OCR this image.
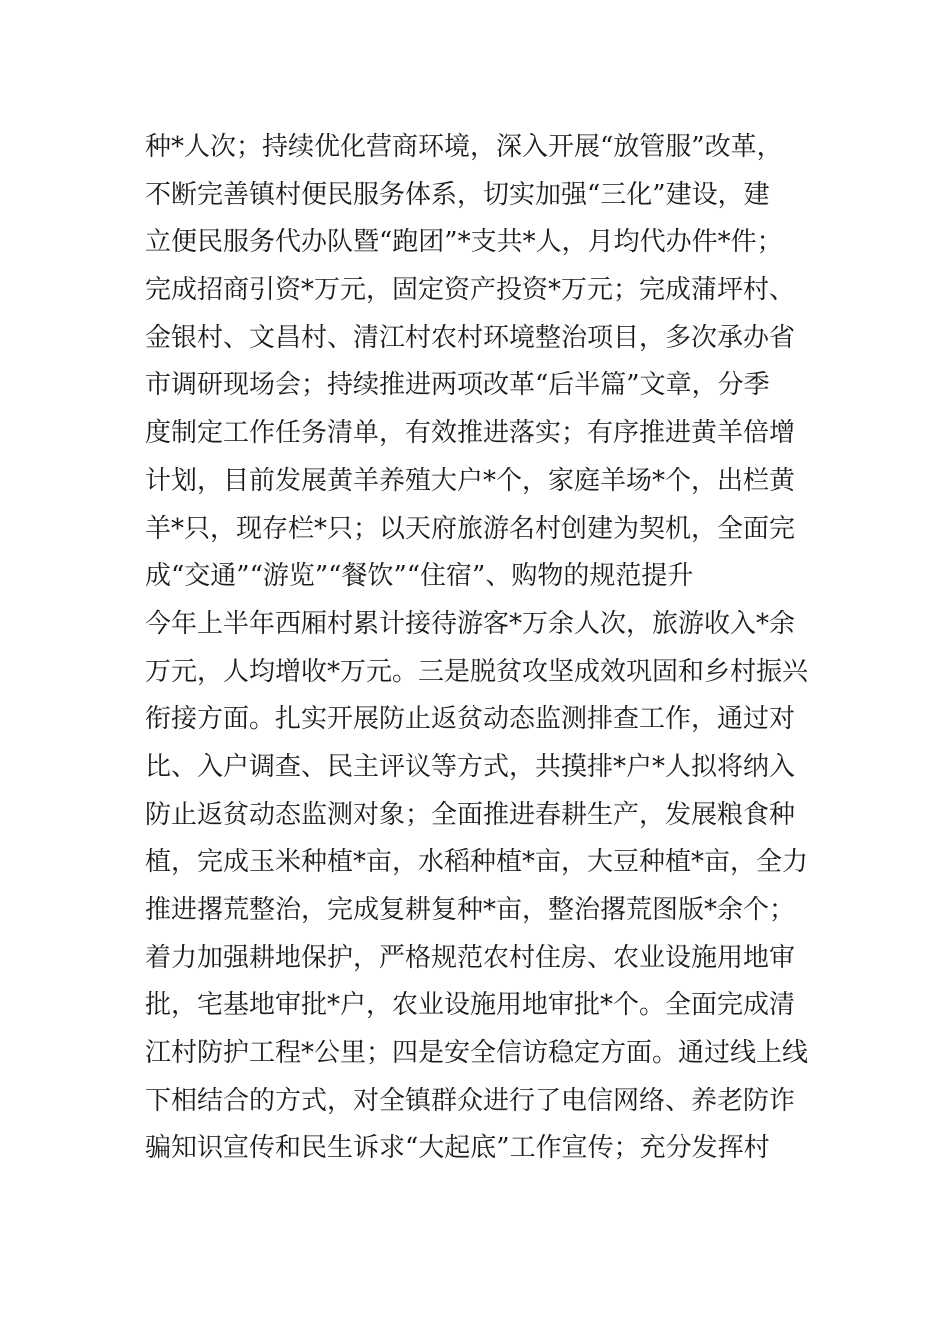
种*人次；持续优化营商环境，深入开展“放管服”改革，
不断完善镇村便民服务体系，切实加强“三化”建设，建
立便民服务代办队暨“跑团”*支共*人，月均代办件*件；
完成招商引资*万元，固定资产投资*万元；完成蒲坪村、
金银村、文昌村、清江村农村环境整治项目，多次承办省
市调研现场会；持续推进两项改革“后半篇”文章，分季
度制定工作任务清单，有效推进落实；有序推进黄羊倍增
计划，目前发展黄羊养殖大户*个，家庭羊场*个，出栏黄
羊*只，现存栏*只；以天府旅游名村创建为契机，全面完
成“交通”“游览”“餐饮”“住宿”、购物的规范提升
今年上半年西厢村累计接待游客*万余人次，旅游收入*余
万元，人均增收*万元。三是脱贫攻坚成效巩固和乡村振兴
衔接方面。扎实开展防止返贫动态监测排查工作，通过对
比、入户调查、民主评议等方式，共摸排*户*人拟将纳入
防止返贫动态监测对象；全面推进春耕生产，发展粮食种
植，完成玉米种植*亩，水稻种植*亩，大豆种植*亩，全力
推进撂荒整治，完成复耕复种*亩，整治撂荒图版*余个；
着力加强耕地保护，严格规范农村住房、农业设施用地审
批，宅基地审批*户，农业设施用地审批*个。全面完成清
江村防护工程*公里；四是安全信访稳定方面。通过线上线
下相结合的方式，对全镇群众进行了电信网络、养老防诈
骗知识宣传和民生诉求“大起底”工作宣传；充分发挥村
